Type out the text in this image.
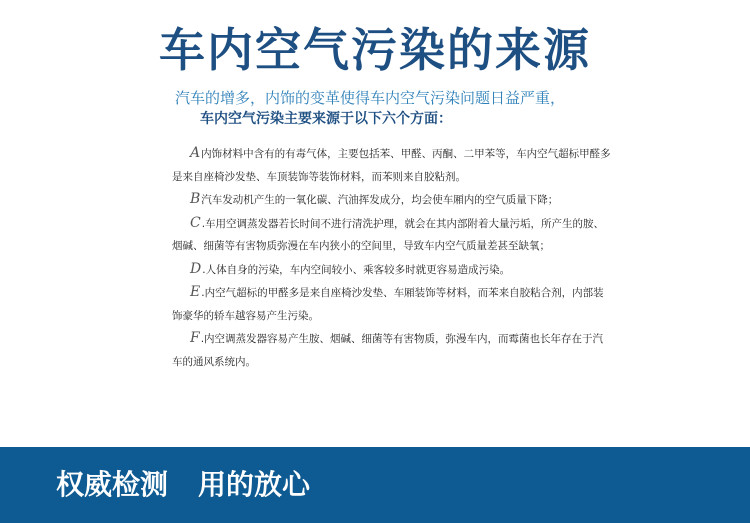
车内空气污染的来源
汽车的增多，内饰的变革使得车内空气污染问题日益严重，
车内空气污染主要来源于以下六个方面：

A内饰材料中含有的有毒气体，主要包括苯、甲醛、丙酮、二甲苯等，车内空气超标甲醛多是来自座椅沙发垫、车顶装饰等装饰材料，而苯则来自胶粘剂。

B汽车发动机产生的一氧化碳、汽油挥发成分，均会使车厢内的空气质量下降；

C.车用空调蒸发器若长时间不进行清洗护理，就会在其内部附着大量污垢，所产生的胺、烟碱、细菌等有害物质弥漫在车内狭小的空间里，导致车内空气质量差甚至缺氧；

D.人体自身的污染，车内空间较小、乘客较多时就更容易造成污染。

E.内空气超标的甲醛多是来自座椅沙发垫、车厢装饰等材料，而苯来自胶粘合剂，内部装饰豪华的轿车越容易产生污染。

F.内空调蒸发器容易产生胺、烟碱、细菌等有害物质，弥漫车内，而霉菌也长年存在于汽车的通风系统内。

权威检测 用的放心
